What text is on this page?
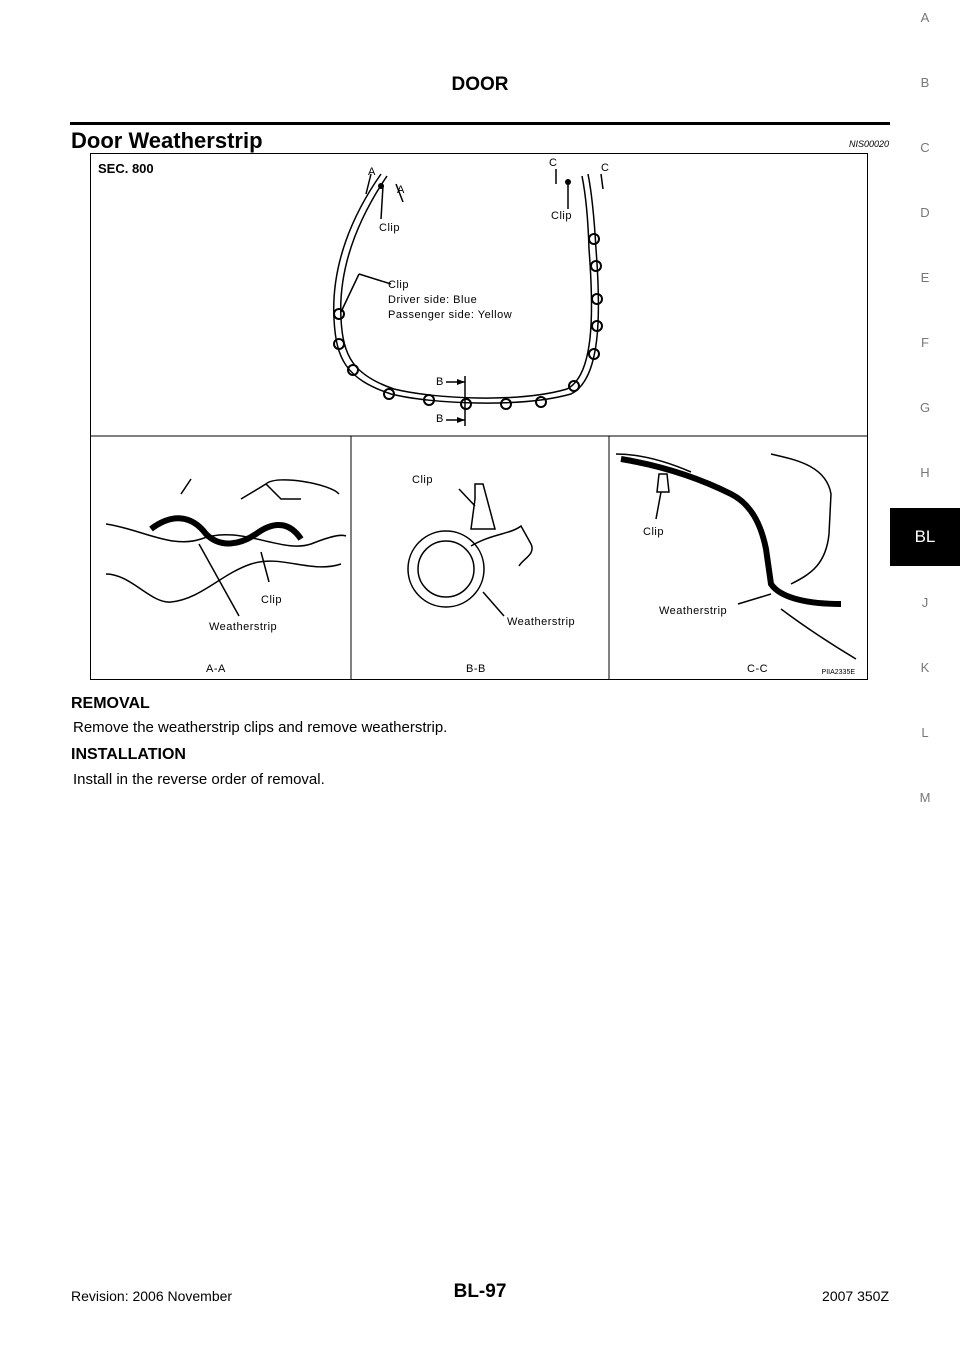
DOOR
Door Weatherstrip	NIS00020
SEC. 800	A
A
Clip
C	C
Clip
Clip
Driver side: Blue
Passenger side: Yellow
B
B
Clip
Weatherstrip
Clip
Weatherstrip
Clip
Weatherstrip
A-A	B-B	C-C	PIIA2335E
REMOVAL
Remove the weatherstrip clips and remove weatherstrip.
INSTALLATION
Install in the reverse order of removal.
A
B
C
D
E
F
G
H
BL
J
K
L
M
Revision: 2006 November	BL-97	2007 350Z
